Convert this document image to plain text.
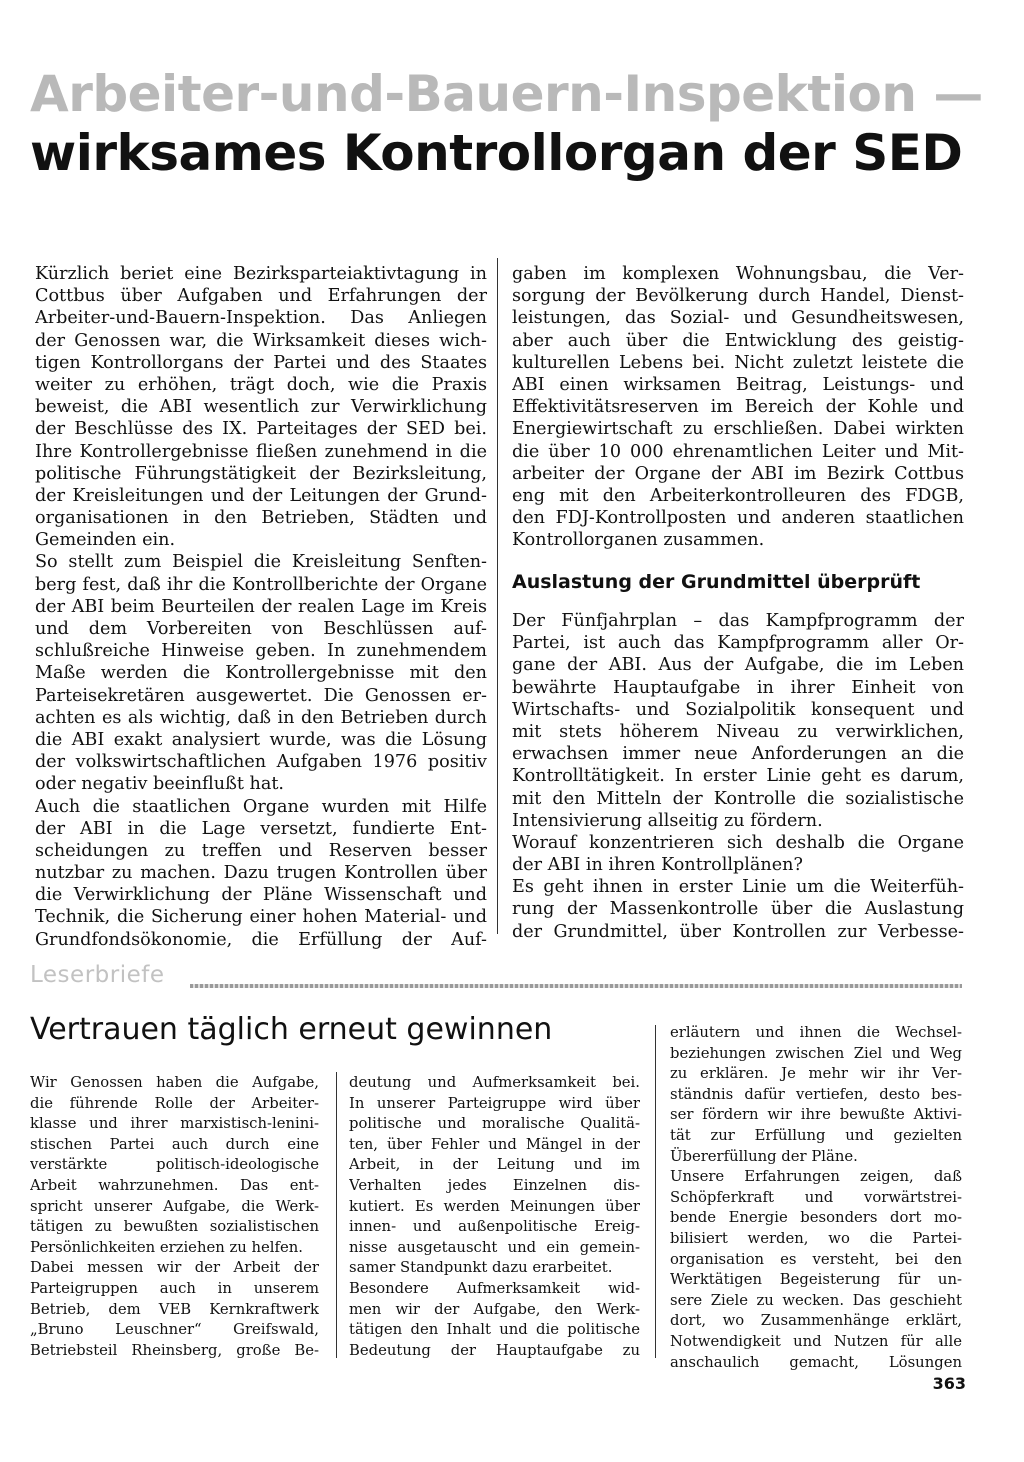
Arbeiter-und-Bauern-Inspektion —
wirksames Kontrollorgan der SED
Kürzlich beriet eine Bezirksparteiaktivtagung in
Cottbus über Aufgaben und Erfahrungen der
Arbeiter-und-Bauern-Inspektion. Das Anliegen
der Genossen war, die Wirksamkeit dieses wich-
tigen Kontrollorgans der Partei und des Staates
weiter zu erhöhen, trägt doch, wie die Praxis
beweist, die ABI wesentlich zur Verwirklichung
der Beschlüsse des IX. Parteitages der SED bei.
Ihre Kontrollergebnisse fließen zunehmend in die
politische Führungstätigkeit der Bezirksleitung,
der Kreisleitungen und der Leitungen der Grund-
organisationen in den Betrieben, Städten und
Gemeinden ein.
So stellt zum Beispiel die Kreisleitung Senften-
berg fest, daß ihr die Kontrollberichte der Organe
der ABI beim Beurteilen der realen Lage im Kreis
und dem Vorbereiten von Beschlüssen auf-
schlußreiche Hinweise geben. In zunehmendem
Maße werden die Kontrollergebnisse mit den
Parteisekretären ausgewertet. Die Genossen er-
achten es als wichtig, daß in den Betrieben durch
die ABI exakt analysiert wurde, was die Lösung
der volkswirtschaftlichen Aufgaben 1976 positiv
oder negativ beeinflußt hat.
Auch die staatlichen Organe wurden mit Hilfe
der ABI in die Lage versetzt, fundierte Ent-
scheidungen zu treffen und Reserven besser
nutzbar zu machen. Dazu trugen Kontrollen über
die Verwirklichung der Pläne Wissenschaft und
Technik, die Sicherung einer hohen Material- und
Grundfondsökonomie, die Erfüllung der Auf-
gaben im komplexen Wohnungsbau, die Ver-
sorgung der Bevölkerung durch Handel, Dienst-
leistungen, das Sozial- und Gesundheitswesen,
aber auch über die Entwicklung des geistig-
kulturellen Lebens bei. Nicht zuletzt leistete die
ABI einen wirksamen Beitrag, Leistungs- und
Effektivitätsreserven im Bereich der Kohle und
Energiewirtschaft zu erschließen. Dabei wirkten
die über 10 000 ehrenamtlichen Leiter und Mit-
arbeiter der Organe der ABI im Bezirk Cottbus
eng mit den Arbeiterkontrolleuren des FDGB,
den FDJ-Kontrollposten und anderen staatlichen
Kontrollorganen zusammen.
Auslastung der Grundmittel überprüft
Der Fünfjahrplan – das Kampfprogramm der
Partei, ist auch das Kampfprogramm aller Or-
gane der ABI. Aus der Aufgabe, die im Leben
bewährte Hauptaufgabe in ihrer Einheit von
Wirtschafts- und Sozialpolitik konsequent und
mit stets höherem Niveau zu verwirklichen,
erwachsen immer neue Anforderungen an die
Kontrolltätigkeit. In erster Linie geht es darum,
mit den Mitteln der Kontrolle die sozialistische
Intensivierung allseitig zu fördern.
Worauf konzentrieren sich deshalb die Organe
der ABI in ihren Kontrollplänen?
Es geht ihnen in erster Linie um die Weiterfüh-
rung der Massenkontrolle über die Auslastung
der Grundmittel, über Kontrollen zur Verbesse-
Leserbriefe
Vertrauen täglich erneut gewinnen
Wir Genossen haben die Aufgabe,
die führende Rolle der Arbeiter-
klasse und ihrer marxistisch-lenini-
stischen Partei auch durch eine
verstärkte politisch-ideologische
Arbeit wahrzunehmen. Das ent-
spricht unserer Aufgabe, die Werk-
tätigen zu bewußten sozialistischen
Persönlichkeiten erziehen zu helfen.
Dabei messen wir der Arbeit der
Parteigruppen auch in unserem
Betrieb, dem VEB Kernkraftwerk
„Bruno Leuschner“ Greifswald,
Betriebsteil Rheinsberg, große Be-
deutung und Aufmerksamkeit bei.
In unserer Parteigruppe wird über
politische und moralische Qualitä-
ten, über Fehler und Mängel in der
Arbeit, in der Leitung und im
Verhalten jedes Einzelnen dis-
kutiert. Es werden Meinungen über
innen- und außenpolitische Ereig-
nisse ausgetauscht und ein gemein-
samer Standpunkt dazu erarbeitet.
Besondere Aufmerksamkeit wid-
men wir der Aufgabe, den Werk-
tätigen den Inhalt und die politische
Bedeutung der Hauptaufgabe zu
erläutern und ihnen die Wechsel-
beziehungen zwischen Ziel und Weg
zu erklären. Je mehr wir ihr Ver-
ständnis dafür vertiefen, desto bes-
ser fördern wir ihre bewußte Aktivi-
tät zur Erfüllung und gezielten
Übererfüllung der Pläne.
Unsere Erfahrungen zeigen, daß
Schöpferkraft und vorwärtstrei-
bende Energie besonders dort mo-
bilisiert werden, wo die Partei-
organisation es versteht, bei den
Werktätigen Begeisterung für un-
sere Ziele zu wecken. Das geschieht
dort, wo Zusammenhänge erklärt,
Notwendigkeit und Nutzen für alle
anschaulich gemacht, Lösungen
363
